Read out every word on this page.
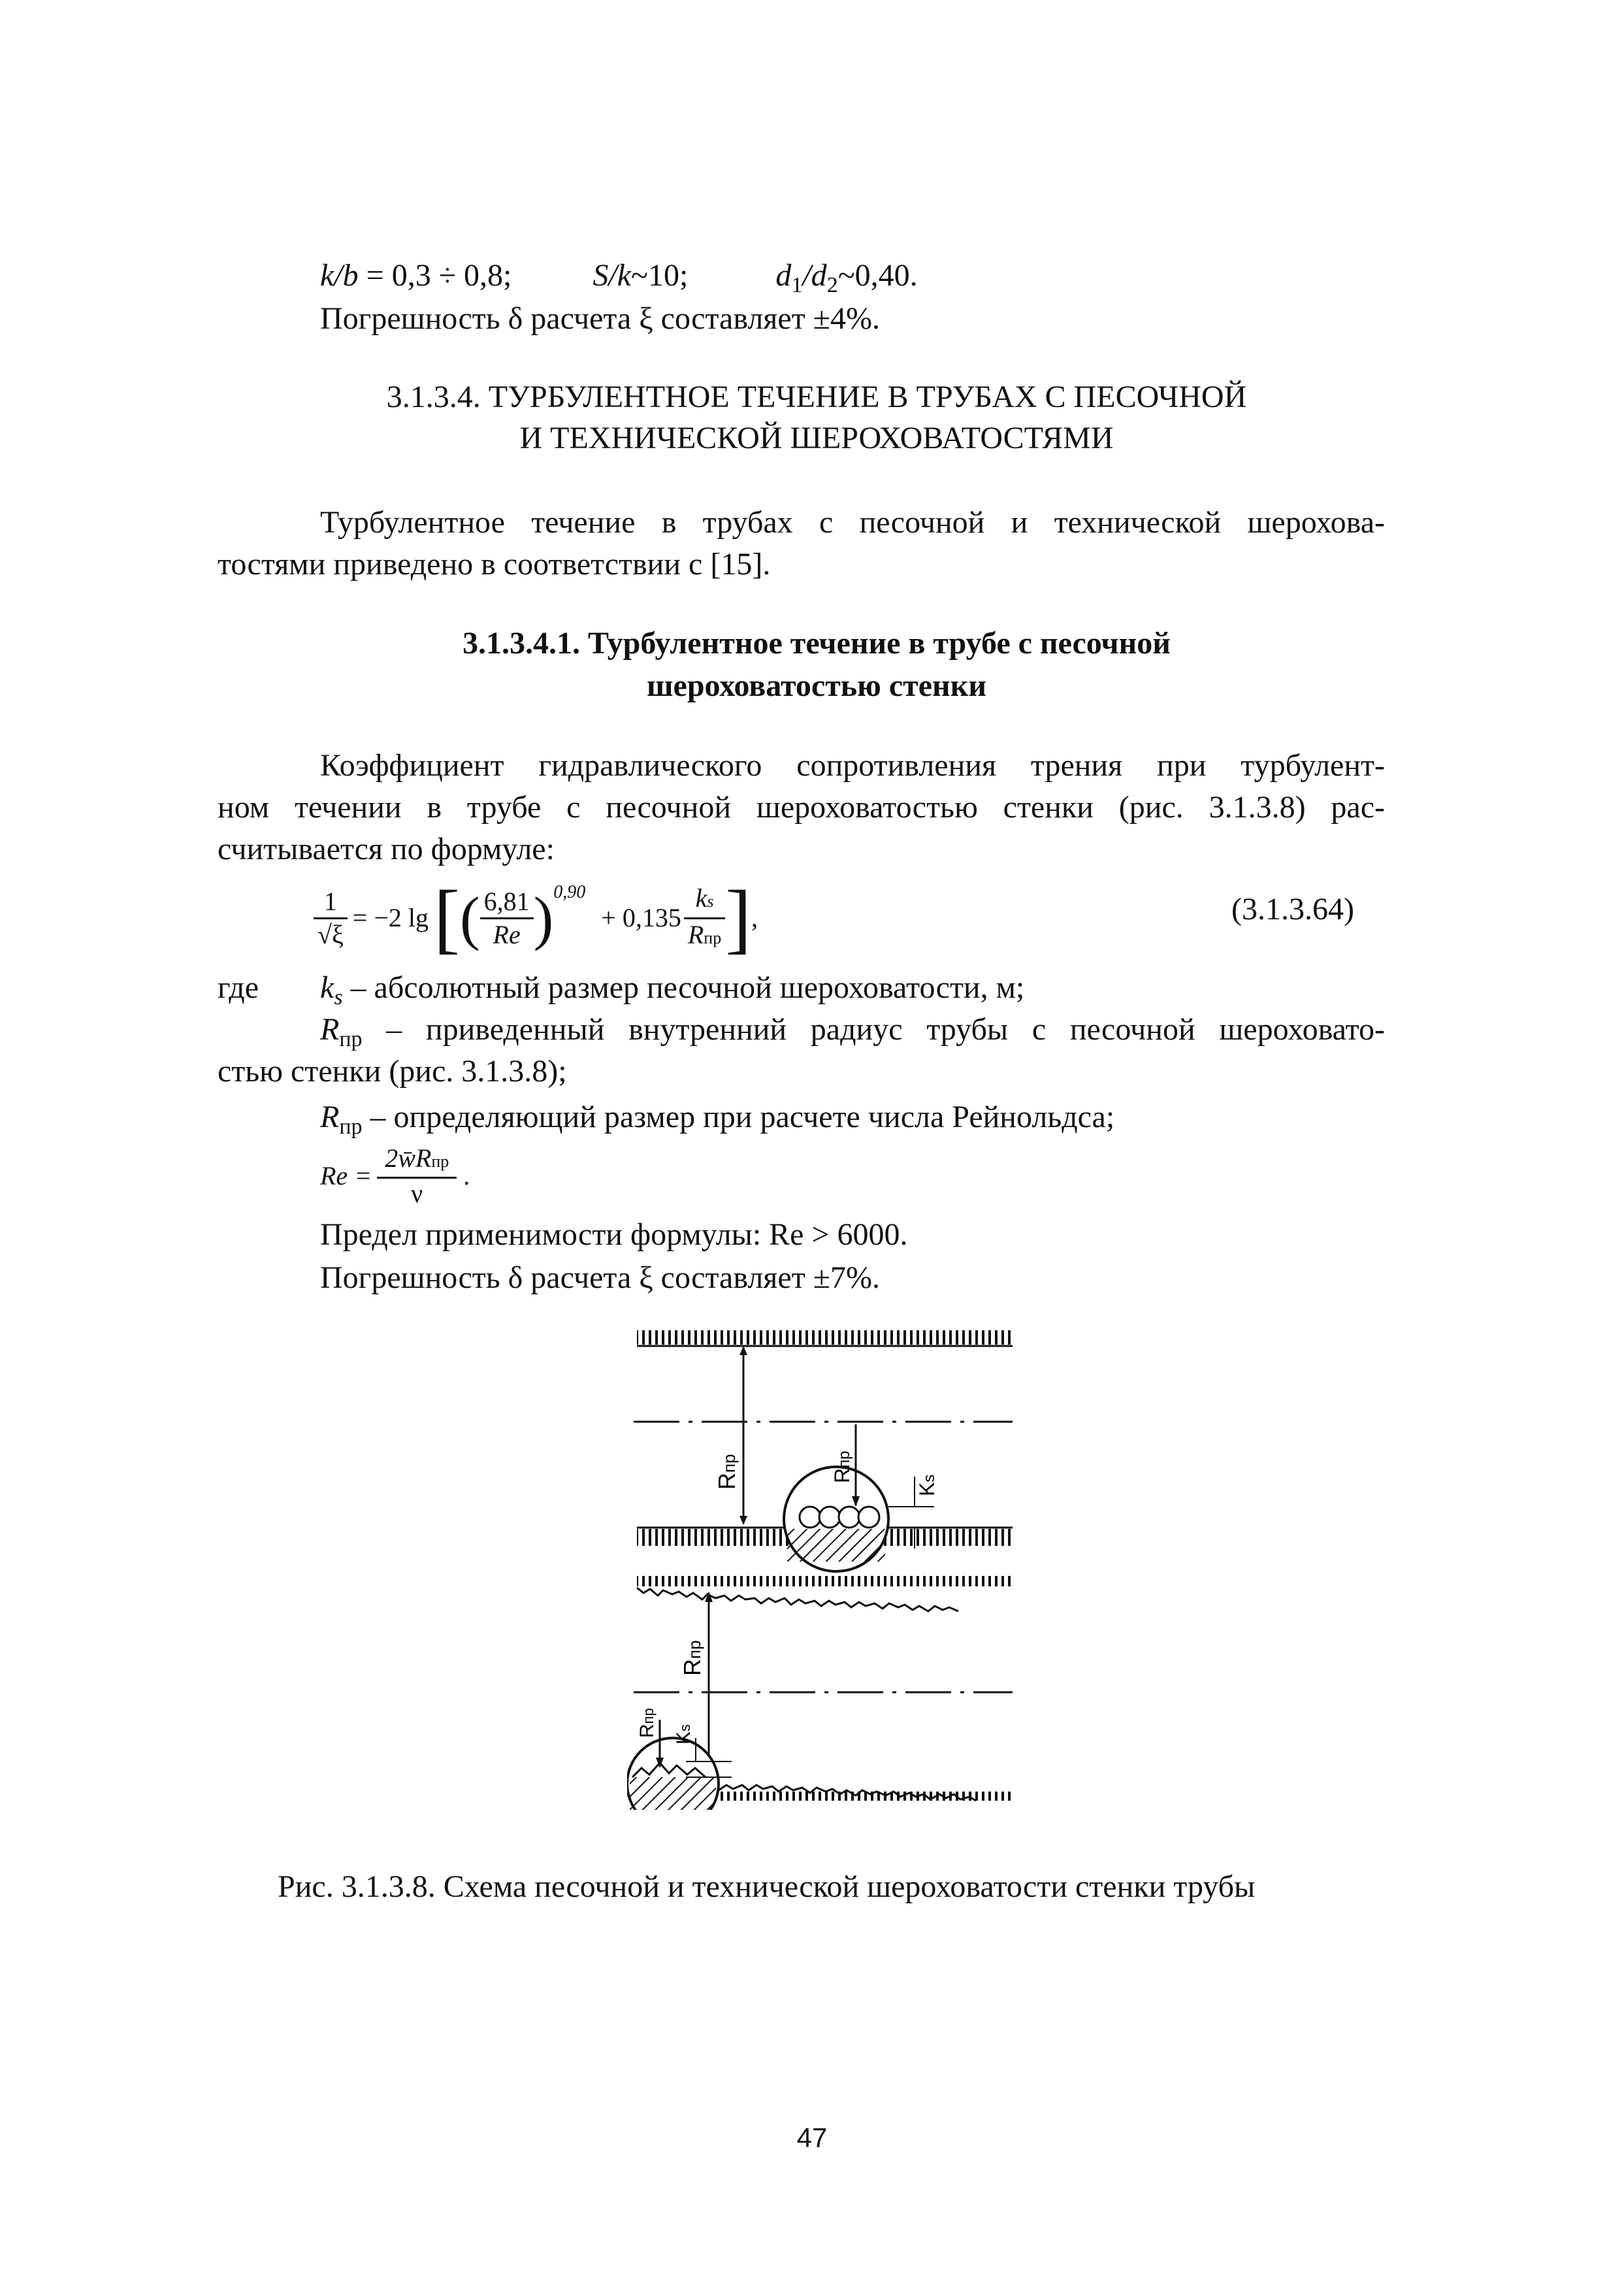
k/b = 0,3 ÷ 0,8;	S/k~10;	$d_1/d_2\sim 0,40$.
Погрешность δ расчета ξ составляет ±4%.
3.1.3.4. ТУРБУЛЕНТНОЕ ТЕЧЕНИЕ В ТРУБАХ С ПЕСОЧНОЙ
И ТЕХНИЧЕСКОЙ ШЕРОХОВАТОСТЯМИ
Турбулентное течение в трубах с песочной и технической шерохова-
тостями приведено в соответствии с [15].
3.1.3.4.1. Турбулентное течение в трубе с песочной
шероховатостью стенки
Коэффициент гидравлического сопротивления трения при турбулент-
ном течении в трубе с песочной шероховатостью стенки (рис. 3.1.3.8) рас-
считывается по формуле:
$\frac{1}{√\xi} = -2$ lg [ ( $\frac{6,81}{Re}$ ) 0,90
+ $0,135 \frac{ks}{\text{Rпр}}$ ] ,	(3.1.3.64)
где $k_s$ – абсолютный размер песочной шероховатости, м;
$R_{пр}$ – приведенный внутренний радиус трубы с песочной шероховато-
стью стенки (рис. 3.1.3.8);
$R_{пр}$ – определяющий размер при расчете числа Рейнольдса;
$Re = \frac{\text{2w̄Rпр}}{\nu}$ .
Предел применимости формулы: Re > 6000.
Погрешность δ расчета ξ составляет ±7%.
Rпр
Rпр
Ks
Rпр
Rпр
Ks
Рис. 3.1.3.8. Схема песочной и технической шероховатости стенки трубы
47
